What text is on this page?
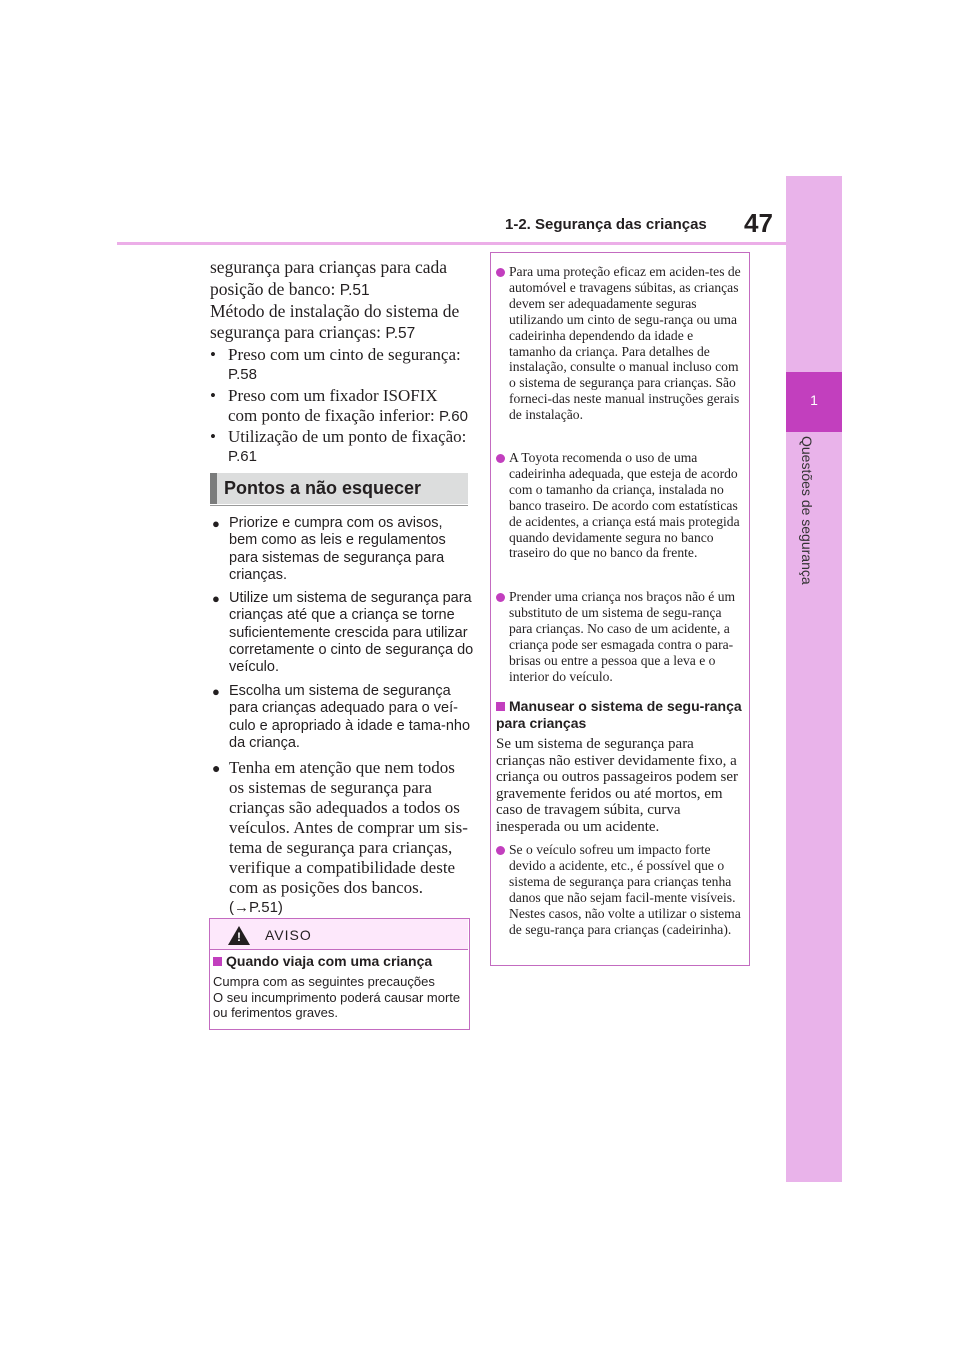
1-2. Segurança das crianças 47
1
Questões de segurança
segurança para crianças para cada
posição de banco: P.51
Método de instalação do sistema de
segurança para crianças: P.57
• Preso com um cinto de segurança:
P.58
• Preso com um fixador ISOFIX
com ponto de fixação inferior: P.60
• Utilização de um ponto de fixação:
P.61
Pontos a não esquecer
● Priorize e cumpra com os avisos, bem como as leis e regulamentos para sistemas de segurança para crianças.
● Utilize um sistema de segurança para crianças até que a criança se torne suficientemente crescida para utilizar corretamente o cinto de segurança do veículo.
● Escolha um sistema de segurança para crianças adequado para o veí-culo e apropriado à idade e tama-nho da criança.
● Tenha em atenção que nem todos os sistemas de segurança para crianças são adequados a todos os veículos. Antes de comprar um sis-tema de segurança para crianças, verifique a compatibilidade deste com as posições dos bancos.
(→P.51)
! AVISO
Quando viaja com uma criança
Cumpra com as seguintes precauções
O seu incumprimento poderá causar morte ou ferimentos graves.
Para uma proteção eficaz em aciden-tes de automóvel e travagens súbitas, as crianças devem ser adequadamente seguras utilizando um cinto de segu-rança ou uma cadeirinha dependendo da idade e tamanho da criança. Para detalhes de instalação, consulte o manual incluso com o sistema de segurança para crianças. São forneci-das neste manual instruções gerais de instalação.
A Toyota recomenda o uso de uma cadeirinha adequada, que esteja de acordo com o tamanho da criança, instalada no banco traseiro. De acordo com estatísticas de acidentes, a criança está mais protegida quando devidamente segura no banco traseiro do que no banco da frente.
Prender uma criança nos braços não é um substituto de um sistema de segu-rança para crianças. No caso de um acidente, a criança pode ser esmagada contra o para-brisas ou entre a pessoa que a leva e o interior do veículo.
Manusear o sistema de segu-rança para crianças
Se um sistema de segurança para crianças não estiver devidamente fixo, a criança ou outros passageiros podem ser gravemente feridos ou até mortos, em caso de travagem súbita, curva inesperada ou um acidente.
Se o veículo sofreu um impacto forte devido a acidente, etc., é possível que o sistema de segurança para crianças tenha danos que não sejam facil-mente visíveis. Nestes casos, não volte a utilizar o sistema de segu-rança para crianças (cadeirinha).
